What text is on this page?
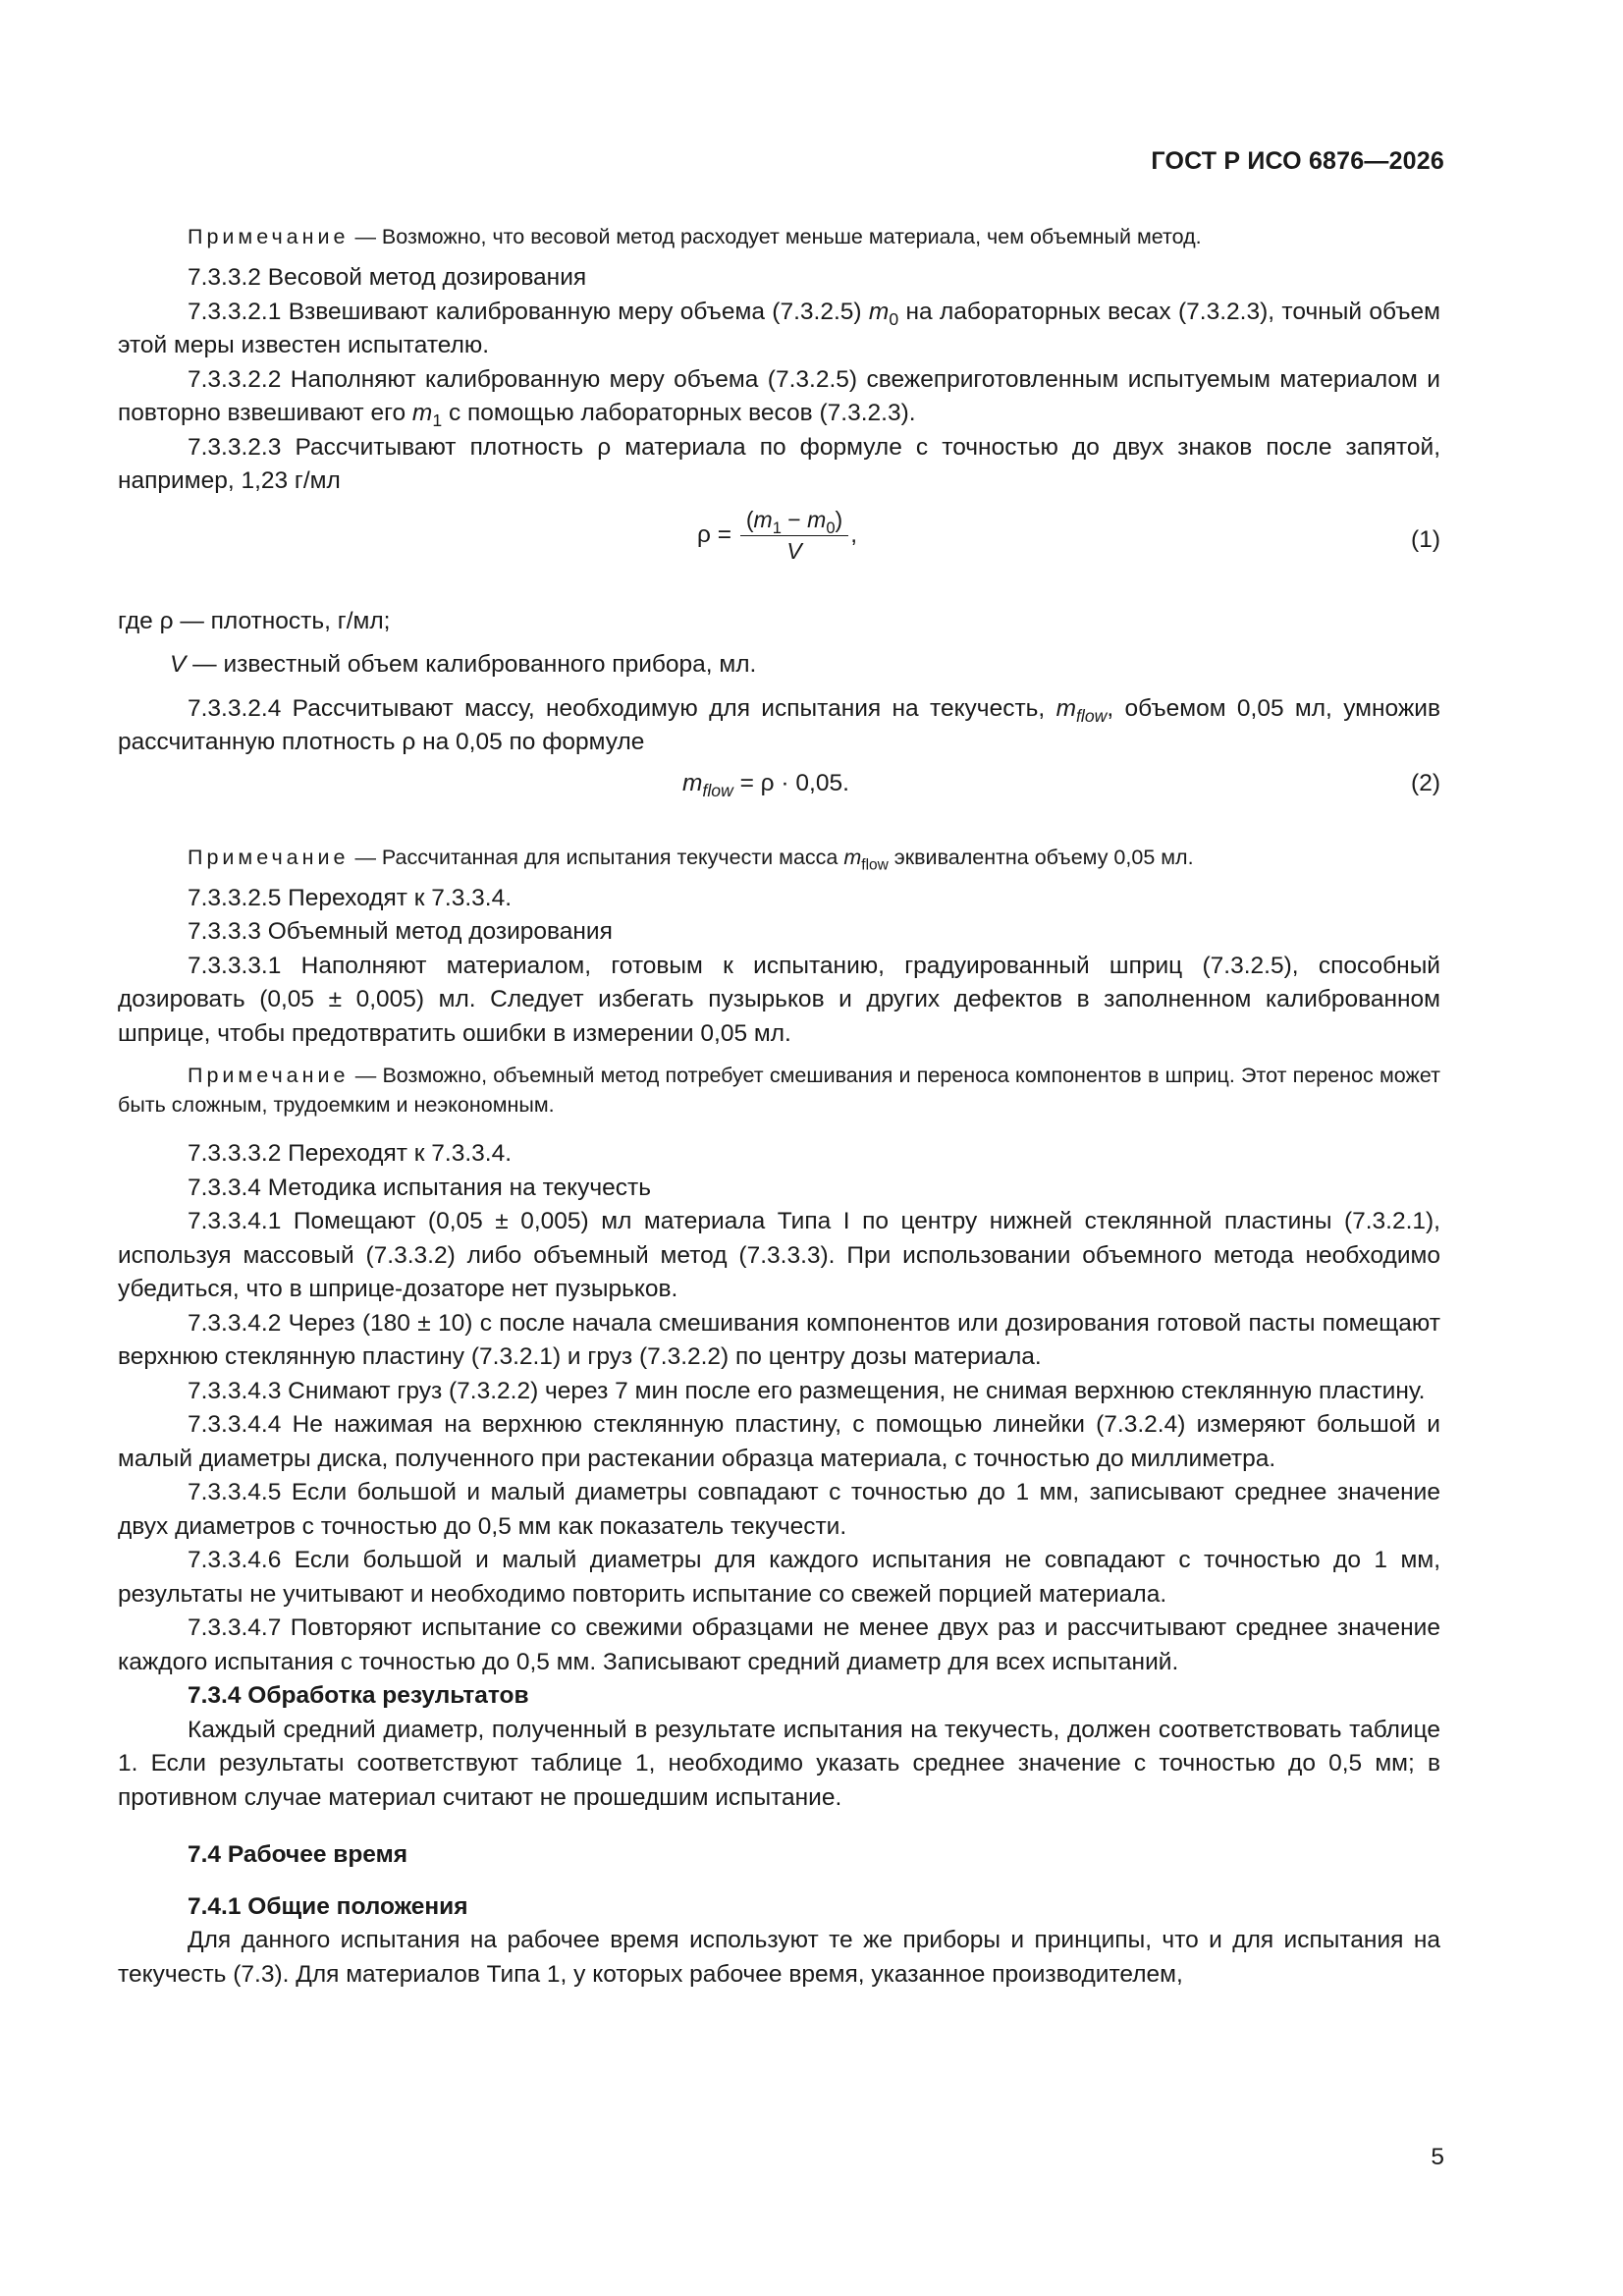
ГОСТ Р ИСО 6876—2026

Примечание — Возможно, что весовой метод расходует меньше материала, чем объемный метод.

7.3.3.2 Весовой метод дозирования

7.3.3.2.1 Взвешивают калиброванную меру объема (7.3.2.5) $m_0$ на лабораторных весах (7.3.2.3), точный объем этой меры известен испытателю.

7.3.3.2.2 Наполняют калиброванную меру объема (7.3.2.5) свежеприготовленным испытуемым материалом и повторно взвешивают его $m_1$ с помощью лабораторных весов (7.3.2.3).

7.3.3.2.3 Рассчитывают плотность ρ материала по формуле с точностью до двух знаков после запятой, например, 1,23 г/мл

$\rho = \frac{(m_1 - m_0)}{V}$ ,	(1)

где ρ — плотность, г/мл;

V — известный объем калиброванного прибора, мл.

7.3.3.2.4 Рассчитывают массу, необходимую для испытания на текучесть, $m_{flow}$, объемом 0,05 мл, умножив рассчитанную плотность ρ на 0,05 по формуле

$m_{flow} = \rho \cdot 0,05$.	(2)

Примечание — Рассчитанная для испытания текучести масса $m_{flow}$ эквивалентна объему 0,05 мл.

7.3.3.2.5 Переходят к 7.3.3.4.

7.3.3.3 Объемный метод дозирования

7.3.3.3.1 Наполняют материалом, готовым к испытанию, градуированный шприц (7.3.2.5), способный дозировать (0,05 ± 0,005) мл. Следует избегать пузырьков и других дефектов в заполненном калиброванном шприце, чтобы предотвратить ошибки в измерении 0,05 мл.

Примечание — Возможно, объемный метод потребует смешивания и переноса компонентов в шприц. Этот перенос может быть сложным, трудоемким и неэкономным.

7.3.3.3.2 Переходят к 7.3.3.4.

7.3.3.4 Методика испытания на текучесть

7.3.3.4.1 Помещают (0,05 ± 0,005) мл материала Типа I по центру нижней стеклянной пластины (7.3.2.1), используя массовый (7.3.3.2) либо объемный метод (7.3.3.3). При использовании объемного метода необходимо убедиться, что в шприце-дозаторе нет пузырьков.

7.3.3.4.2 Через (180 ± 10) с после начала смешивания компонентов или дозирования готовой пасты помещают верхнюю стеклянную пластину (7.3.2.1) и груз (7.3.2.2) по центру дозы материала.

7.3.3.4.3 Снимают груз (7.3.2.2) через 7 мин после его размещения, не снимая верхнюю стеклянную пластину.

7.3.3.4.4 Не нажимая на верхнюю стеклянную пластину, с помощью линейки (7.3.2.4) измеряют большой и малый диаметры диска, полученного при растекании образца материала, с точностью до миллиметра.

7.3.3.4.5 Если большой и малый диаметры совпадают с точностью до 1 мм, записывают среднее значение двух диаметров с точностью до 0,5 мм как показатель текучести.

7.3.3.4.6 Если большой и малый диаметры для каждого испытания не совпадают с точностью до 1 мм, результаты не учитывают и необходимо повторить испытание со свежей порцией материала.

7.3.3.4.7 Повторяют испытание со свежими образцами не менее двух раз и рассчитывают среднее значение каждого испытания с точностью до 0,5 мм. Записывают средний диаметр для всех испытаний.

7.3.4 Обработка результатов

Каждый средний диаметр, полученный в результате испытания на текучесть, должен соответствовать таблице 1. Если результаты соответствуют таблице 1, необходимо указать среднее значение с точностью до 0,5 мм; в противном случае материал считают не прошедшим испытание.

7.4 Рабочее время

7.4.1 Общие положения

Для данного испытания на рабочее время используют те же приборы и принципы, что и для испытания на текучесть (7.3). Для материалов Типа 1, у которых рабочее время, указанное производителем,

5
